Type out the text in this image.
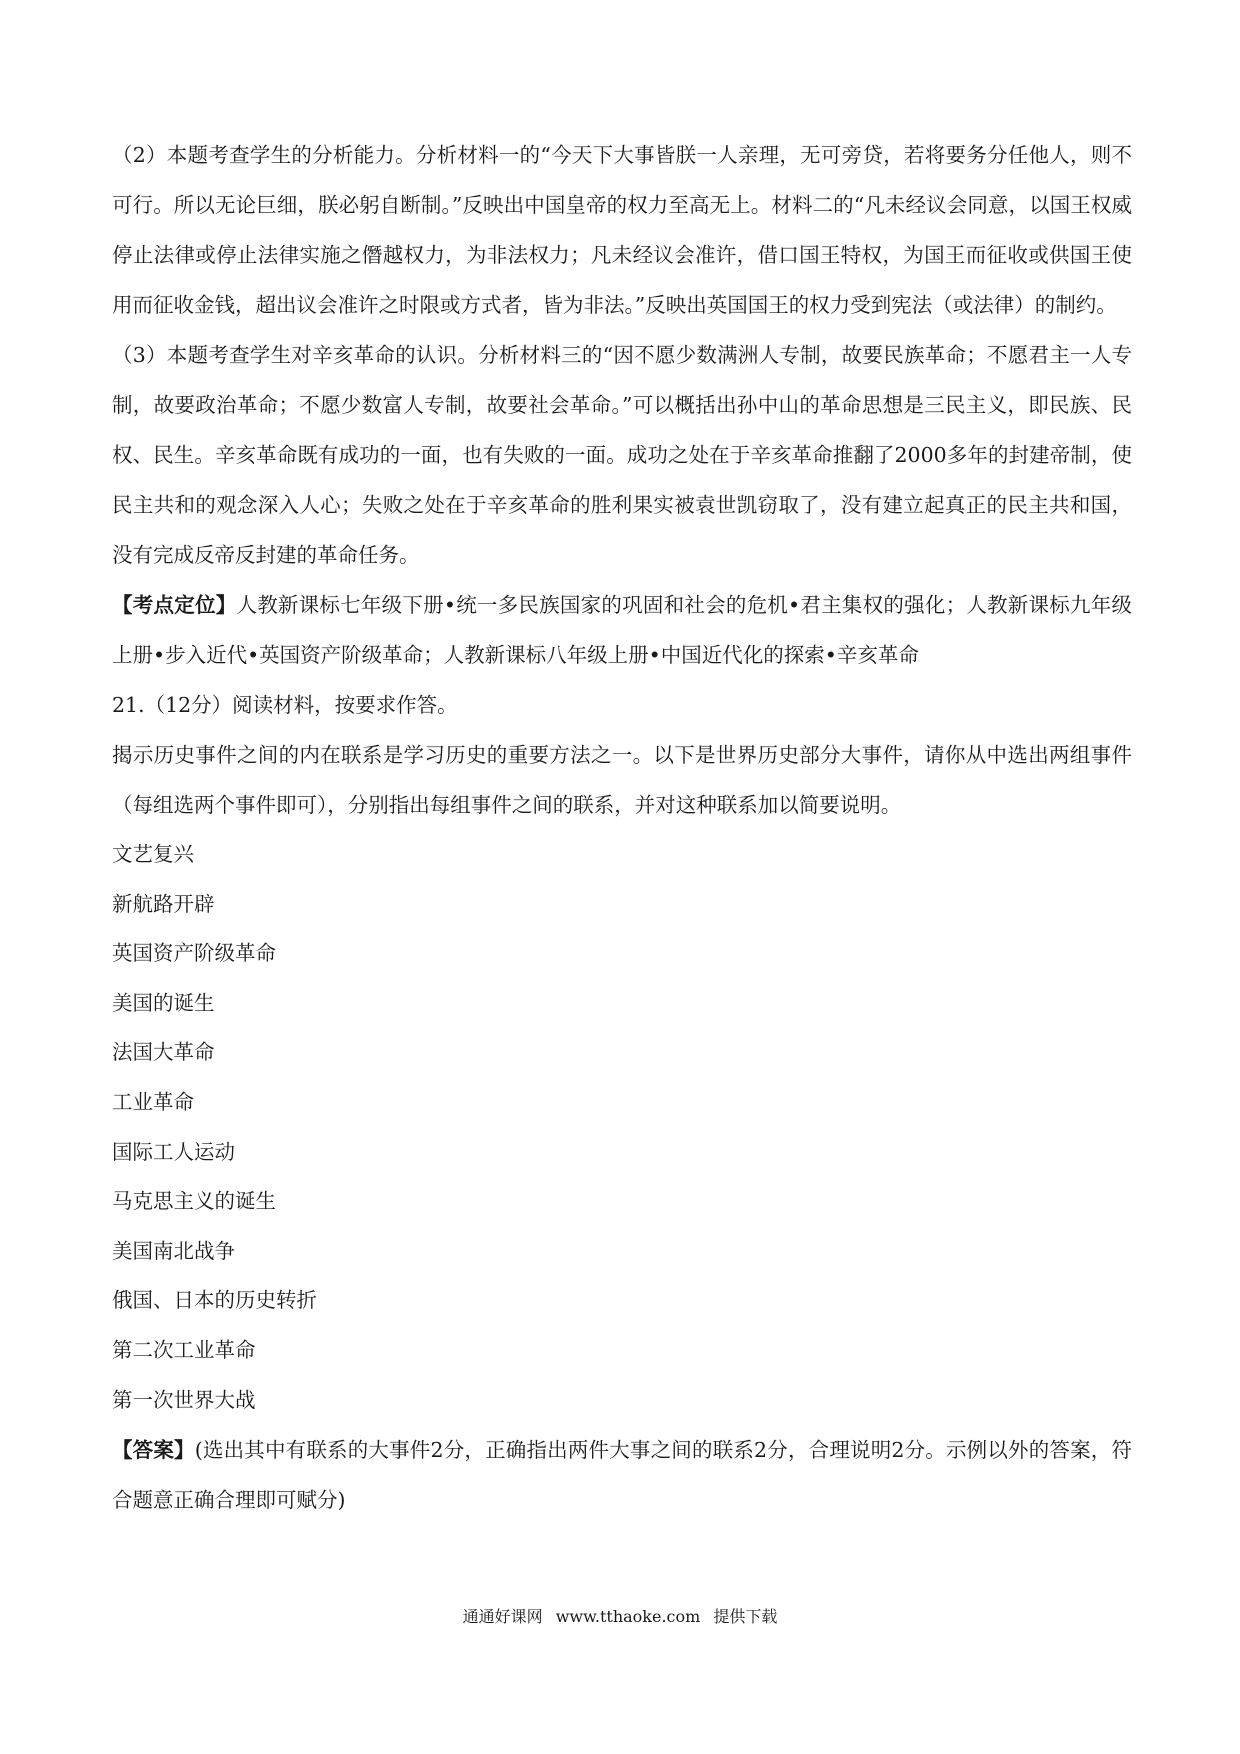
（2）本题考查学生的分析能力。分析材料一的“今天下大事皆朕一人亲理，无可旁贷，若将要务分任他人，则不可行。所以无论巨细，朕必躬自断制。”反映出中国皇帝的权力至高无上。材料二的“凡未经议会同意，以国王权威停止法律或停止法律实施之僭越权力，为非法权力；凡未经议会准许，借口国王特权，为国王而征收或供国王使用而征收金钱，超出议会准许之时限或方式者，皆为非法。”反映出英国国王的权力受到宪法（或法律）的制约。

（3）本题考查学生对辛亥革命的认识。分析材料三的“因不愿少数满洲人专制，故要民族革命；不愿君主一人专制，故要政治革命；不愿少数富人专制，故要社会革命。”可以概括出孙中山的革命思想是三民主义，即民族、民权、民生。辛亥革命既有成功的一面，也有失败的一面。成功之处在于辛亥革命推翻了2000多年的封建帝制，使民主共和的观念深入人心；失败之处在于辛亥革命的胜利果实被袁世凯窃取了，没有建立起真正的民主共和国，没有完成反帝反封建的革命任务。

【考点定位】人教新课标七年级下册•统一多民族国家的巩固和社会的危机•君主集权的强化；人教新课标九年级上册•步入近代•英国资产阶级革命；人教新课标八年级上册•中国近代化的探索•辛亥革命

21.（12分）阅读材料，按要求作答。

揭示历史事件之间的内在联系是学习历史的重要方法之一。以下是世界历史部分大事件，请你从中选出两组事件（每组选两个事件即可），分别指出每组事件之间的联系，并对这种联系加以简要说明。

文艺复兴

新航路开辟

英国资产阶级革命

美国的诞生

法国大革命

工业革命

国际工人运动

马克思主义的诞生

美国南北战争

俄国、日本的历史转折

第二次工业革命

第一次世界大战

【答案】(选出其中有联系的大事件2分，正确指出两件大事之间的联系2分，合理说明2分。示例以外的答案，符合题意正确合理即可赋分)

通通好课网 www.tthaoke.com 提供下载
